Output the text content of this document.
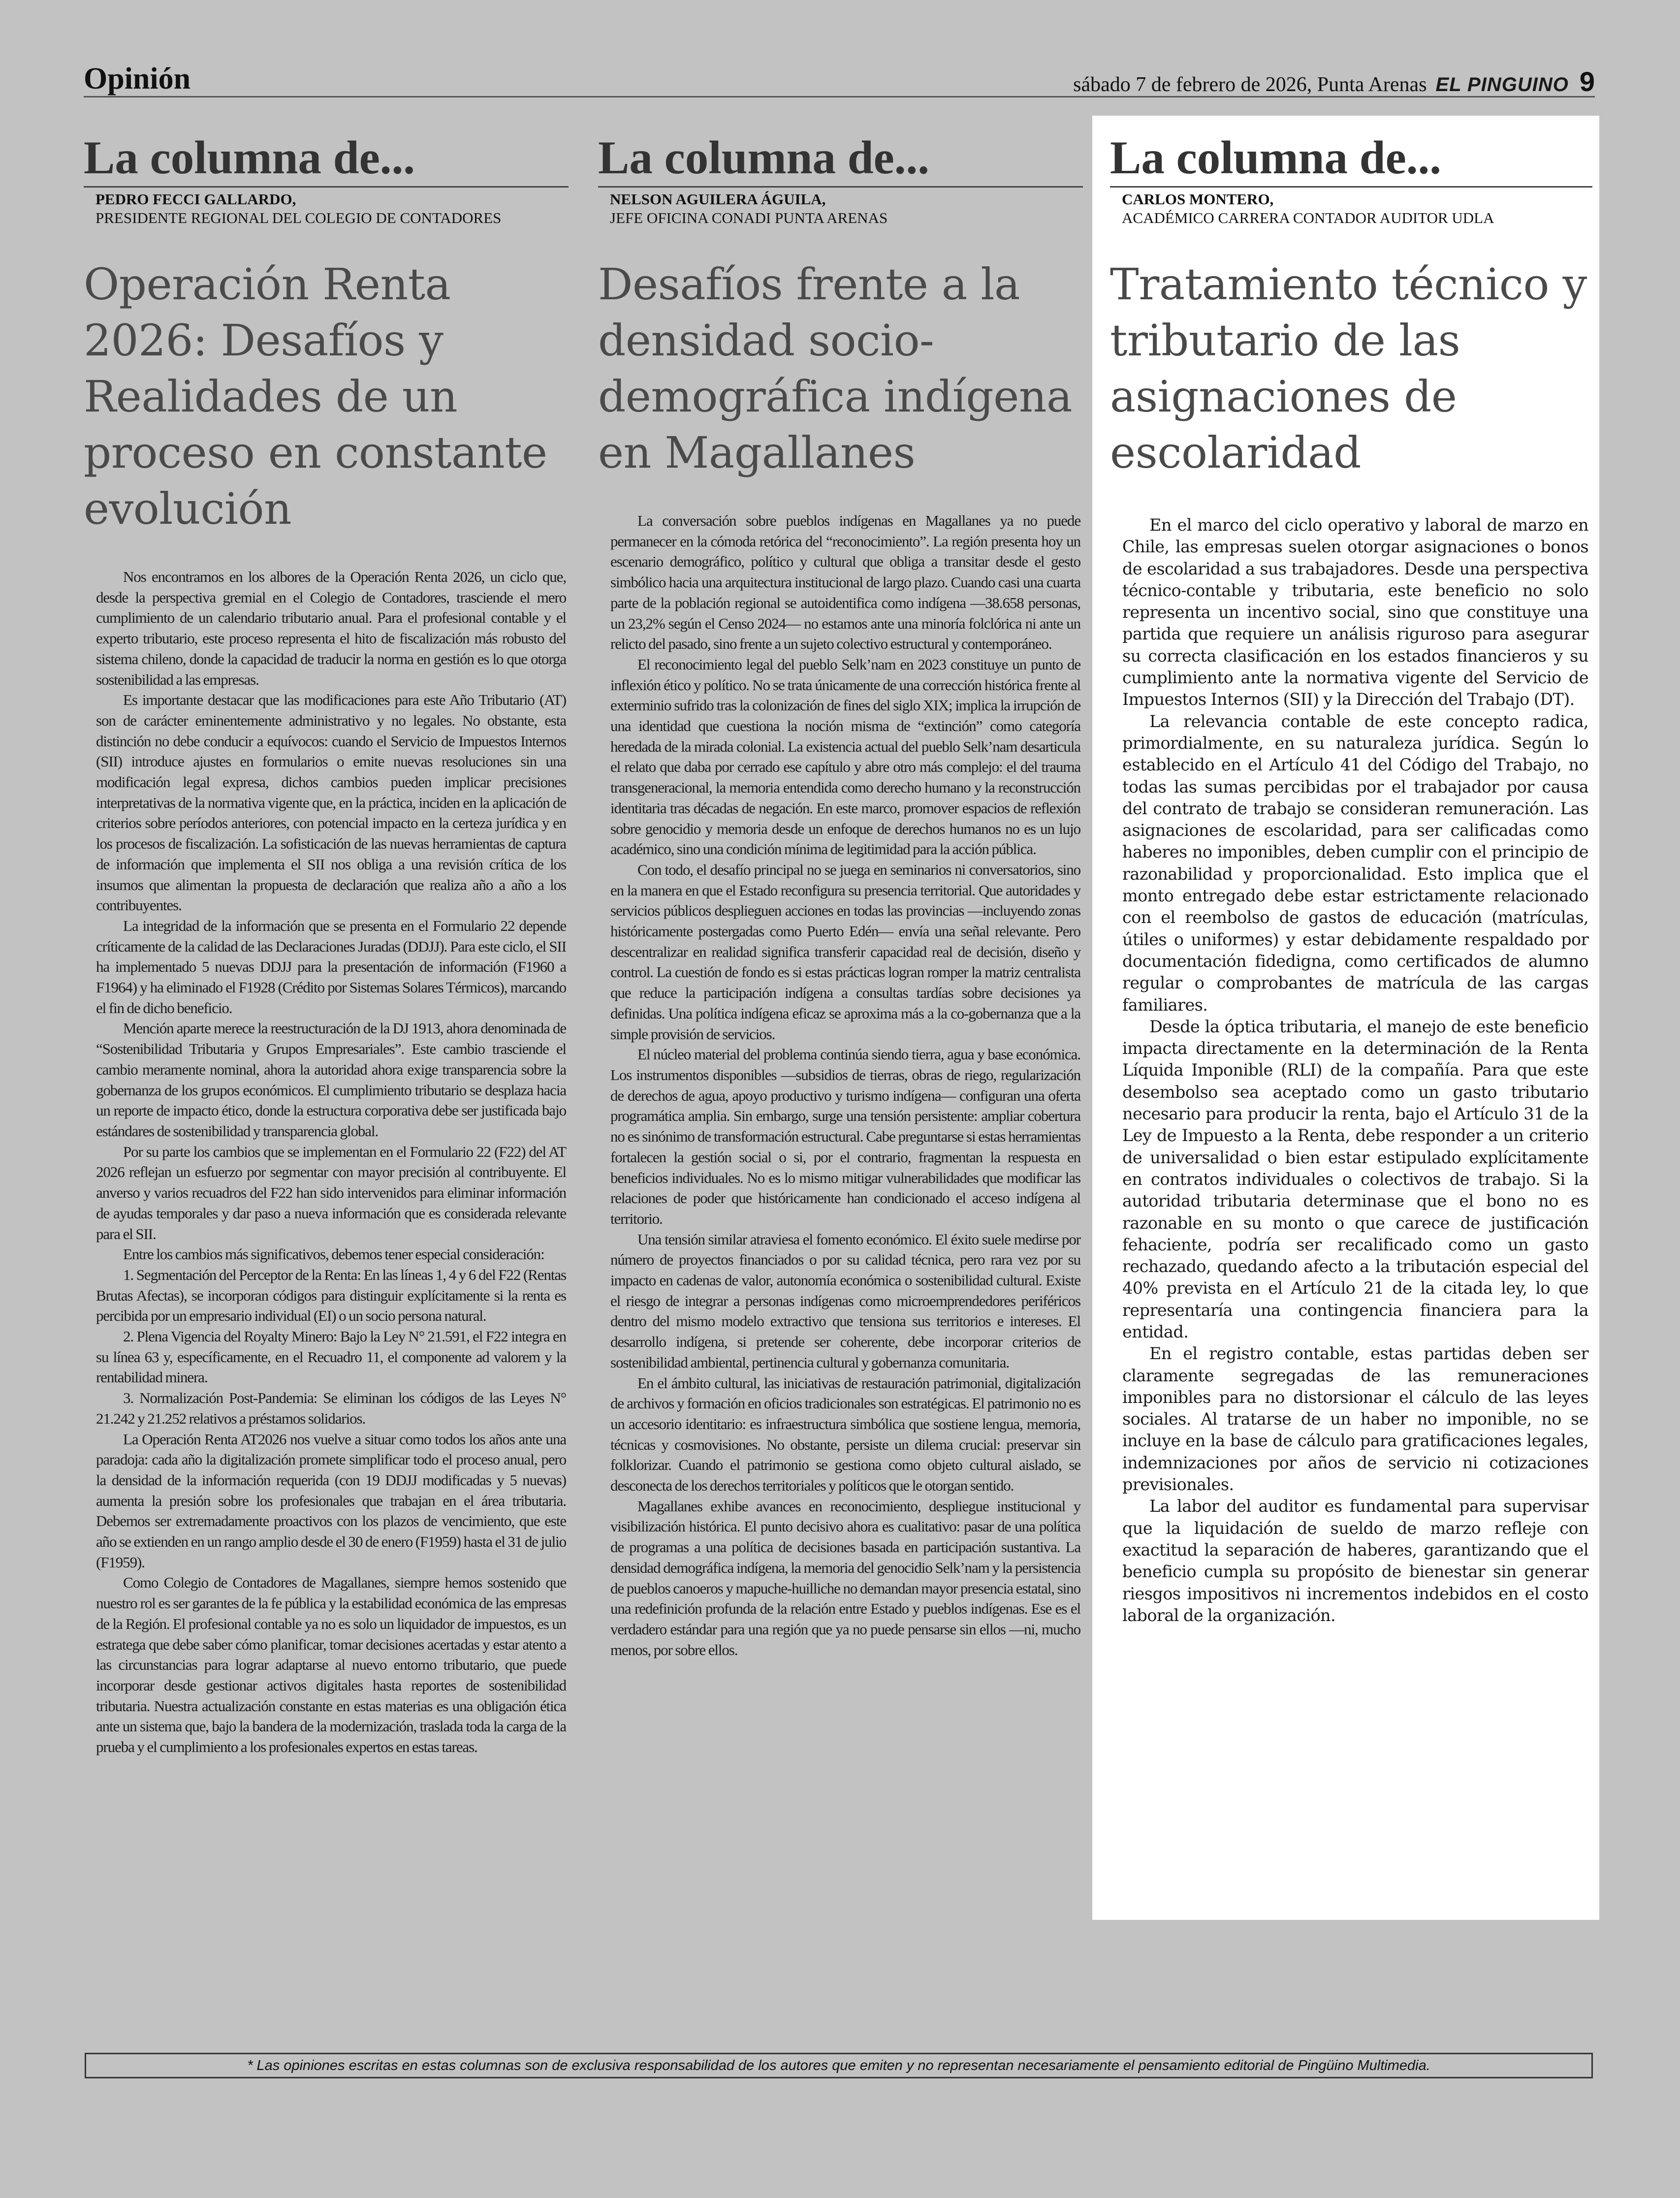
Opinión	sábado 7 de febrero de 2026, Punta Arenas EL PINGUINO 9
La columna de...
PEDRO FECCI GALLARDO,
PRESIDENTE REGIONAL DEL COLEGIO DE CONTADORES
Operación Renta 2026: Desafíos y Realidades de un proceso en constante evolución

Nos encontramos en los albores de la Operación Renta 2026, un ciclo que, desde la perspectiva gremial en el Colegio de Contadores, trasciende el mero cumplimiento de un calendario tributario anual. Para el profesional contable y el experto tributario, este proceso representa el hito de fiscalización más robusto del sistema chileno, donde la capacidad de traducir la norma en gestión es lo que otorga sostenibilidad a las empresas.

Es importante destacar que las modificaciones para este Año Tributario (AT) son de carácter eminentemente administrativo y no legales. No obstante, esta distinción no debe conducir a equívocos: cuando el Servicio de Impuestos Internos (SII) introduce ajustes en formularios o emite nuevas resoluciones sin una modificación legal expresa, dichos cambios pueden implicar precisiones interpretativas de la normativa vigente que, en la práctica, inciden en la aplicación de criterios sobre períodos anteriores, con potencial impacto en la certeza jurídica y en los procesos de fiscalización. La sofisticación de las nuevas herramientas de captura de información que implementa el SII nos obliga a una revisión crítica de los insumos que alimentan la propuesta de declaración que realiza año a año a los contribuyentes.

La integridad de la información que se presenta en el Formulario 22 depende críticamente de la calidad de las Declaraciones Juradas (DDJJ). Para este ciclo, el SII ha implementado 5 nuevas DDJJ para la presentación de información (F1960 a F1964) y ha eliminado el F1928 (Crédito por Sistemas Solares Térmicos), marcando el fin de dicho beneficio.

Mención aparte merece la reestructuración de la DJ 1913, ahora denominada de “Sostenibilidad Tributaria y Grupos Empresariales”. Este cambio trasciende el cambio meramente nominal, ahora la autoridad ahora exige transparencia sobre la gobernanza de los grupos económicos. El cumplimiento tributario se desplaza hacia un reporte de impacto ético, donde la estructura corporativa debe ser justificada bajo estándares de sostenibilidad y transparencia global.

Por su parte los cambios que se implementan en el Formulario 22 (F22) del AT 2026 reflejan un esfuerzo por segmentar con mayor precisión al contribuyente. El anverso y varios recuadros del F22 han sido intervenidos para eliminar información de ayudas temporales y dar paso a nueva información que es considerada relevante para el SII.

Entre los cambios más significativos, debemos tener especial consideración:

1. Segmentación del Perceptor de la Renta: En las líneas 1, 4 y 6 del F22 (Rentas Brutas Afectas), se incorporan códigos para distinguir explícitamente si la renta es percibida por un empresario individual (EI) o un socio persona natural.

2. Plena Vigencia del Royalty Minero: Bajo la Ley N° 21.591, el F22 integra en su línea 63 y, específicamente, en el Recuadro 11, el componente ad valorem y la rentabilidad minera.

3. Normalización Post-Pandemia: Se eliminan los códigos de las Leyes N° 21.242 y 21.252 relativos a préstamos solidarios.

La Operación Renta AT2026 nos vuelve a situar como todos los años ante una paradoja: cada año la digitalización promete simplificar todo el proceso anual, pero la densidad de la información requerida (con 19 DDJJ modificadas y 5 nuevas) aumenta la presión sobre los profesionales que trabajan en el área tributaria. Debemos ser extremadamente proactivos con los plazos de vencimiento, que este año se extienden en un rango amplio desde el 30 de enero (F1959) hasta el 31 de julio (F1959).

Como Colegio de Contadores de Magallanes, siempre hemos sostenido que nuestro rol es ser garantes de la fe pública y la estabilidad económica de las empresas de la Región. El profesional contable ya no es solo un liquidador de impuestos, es un estratega que debe saber cómo planificar, tomar decisiones acertadas y estar atento a las circunstancias para lograr adaptarse al nuevo entorno tributario, que puede incorporar desde gestionar activos digitales hasta reportes de sostenibilidad tributaria. Nuestra actualización constante en estas materias es una obligación ética ante un sistema que, bajo la bandera de la modernización, traslada toda la carga de la prueba y el cumplimiento a los profesionales expertos en estas tareas.

La columna de...
NELSON AGUILERA ÁGUILA,
JEFE OFICINA CONADI PUNTA ARENAS
Desafíos frente a la densidad socio-demográfica indígena en Magallanes

La conversación sobre pueblos indígenas en Magallanes ya no puede permanecer en la cómoda retórica del “reconocimiento”. La región presenta hoy un escenario demográfico, político y cultural que obliga a transitar desde el gesto simbólico hacia una arquitectura institucional de largo plazo. Cuando casi una cuarta parte de la población regional se autoidentifica como indígena —38.658 personas, un 23,2% según el Censo 2024— no estamos ante una minoría folclórica ni ante un relicto del pasado, sino frente a un sujeto colectivo estructural y contemporáneo.

El reconocimiento legal del pueblo Selk’nam en 2023 constituye un punto de inflexión ético y político. No se trata únicamente de una corrección histórica frente al exterminio sufrido tras la colonización de fines del siglo XIX; implica la irrupción de una identidad que cuestiona la noción misma de “extinción” como categoría heredada de la mirada colonial. La existencia actual del pueblo Selk’nam desarticula el relato que daba por cerrado ese capítulo y abre otro más complejo: el del trauma transgeneracional, la memoria entendida como derecho humano y la reconstrucción identitaria tras décadas de negación. En este marco, promover espacios de reflexión sobre genocidio y memoria desde un enfoque de derechos humanos no es un lujo académico, sino una condición mínima de legitimidad para la acción pública.

Con todo, el desafío principal no se juega en seminarios ni conversatorios, sino en la manera en que el Estado reconfigura su presencia territorial. Que autoridades y servicios públicos desplieguen acciones en todas las provincias —incluyendo zonas históricamente postergadas como Puerto Edén— envía una señal relevante. Pero descentralizar en realidad significa transferir capacidad real de decisión, diseño y control. La cuestión de fondo es si estas prácticas logran romper la matriz centralista que reduce la participación indígena a consultas tardías sobre decisiones ya definidas. Una política indígena eficaz se aproxima más a la co-gobernanza que a la simple provisión de servicios.

El núcleo material del problema continúa siendo tierra, agua y base económica. Los instrumentos disponibles —subsidios de tierras, obras de riego, regularización de derechos de agua, apoyo productivo y turismo indígena— configuran una oferta programática amplia. Sin embargo, surge una tensión persistente: ampliar cobertura no es sinónimo de transformación estructural. Cabe preguntarse si estas herramientas fortalecen la gestión social o si, por el contrario, fragmentan la respuesta en beneficios individuales. No es lo mismo mitigar vulnerabilidades que modificar las relaciones de poder que históricamente han condicionado el acceso indígena al territorio.

Una tensión similar atraviesa el fomento económico. El éxito suele medirse por número de proyectos financiados o por su calidad técnica, pero rara vez por su impacto en cadenas de valor, autonomía económica o sostenibilidad cultural. Existe el riesgo de integrar a personas indígenas como microemprendedores periféricos dentro del mismo modelo extractivo que tensiona sus territorios e intereses. El desarrollo indígena, si pretende ser coherente, debe incorporar criterios de sostenibilidad ambiental, pertinencia cultural y gobernanza comunitaria.

En el ámbito cultural, las iniciativas de restauración patrimonial, digitalización de archivos y formación en oficios tradicionales son estratégicas. El patrimonio no es un accesorio identitario: es infraestructura simbólica que sostiene lengua, memoria, técnicas y cosmovisiones. No obstante, persiste un dilema crucial: preservar sin folklorizar. Cuando el patrimonio se gestiona como objeto cultural aislado, se desconecta de los derechos territoriales y políticos que le otorgan sentido.

Magallanes exhibe avances en reconocimiento, despliegue institucional y visibilización histórica. El punto decisivo ahora es cualitativo: pasar de una política de programas a una política de decisiones basada en participación sustantiva. La densidad demográfica indígena, la memoria del genocidio Selk’nam y la persistencia de pueblos canoeros y mapuche-huilliche no demandan mayor presencia estatal, sino una redefinición profunda de la relación entre Estado y pueblos indígenas. Ese es el verdadero estándar para una región que ya no puede pensarse sin ellos —ni, mucho menos, por sobre ellos.

La columna de...
CARLOS MONTERO,
ACADÉMICO CARRERA CONTADOR AUDITOR UDLA
Tratamiento técnico y tributario de las asignaciones de escolaridad

En el marco del ciclo operativo y laboral de marzo en Chile, las empresas suelen otorgar asignaciones o bonos de escolaridad a sus trabajadores. Desde una perspectiva técnico-contable y tributaria, este beneficio no solo representa un incentivo social, sino que constituye una partida que requiere un análisis riguroso para asegurar su correcta clasificación en los estados financieros y su cumplimiento ante la normativa vigente del Servicio de Impuestos Internos (SII) y la Dirección del Trabajo (DT).

La relevancia contable de este concepto radica, primordialmente, en su naturaleza jurídica. Según lo establecido en el Artículo 41 del Código del Trabajo, no todas las sumas percibidas por el trabajador por causa del contrato de trabajo se consideran remuneración. Las asignaciones de escolaridad, para ser calificadas como haberes no imponibles, deben cumplir con el principio de razonabilidad y proporcionalidad. Esto implica que el monto entregado debe estar estrictamente relacionado con el reembolso de gastos de educación (matrículas, útiles o uniformes) y estar debidamente respaldado por documentación fidedigna, como certificados de alumno regular o comprobantes de matrícula de las cargas familiares.

Desde la óptica tributaria, el manejo de este beneficio impacta directamente en la determinación de la Renta Líquida Imponible (RLI) de la compañía. Para que este desembolso sea aceptado como un gasto tributario necesario para producir la renta, bajo el Artículo 31 de la Ley de Impuesto a la Renta, debe responder a un criterio de universalidad o bien estar estipulado explícitamente en contratos individuales o colectivos de trabajo. Si la autoridad tributaria determinase que el bono no es razonable en su monto o que carece de justificación fehaciente, podría ser recalificado como un gasto rechazado, quedando afecto a la tributación especial del 40% prevista en el Artículo 21 de la citada ley, lo que representaría una contingencia financiera para la entidad.

En el registro contable, estas partidas deben ser claramente segregadas de las remuneraciones imponibles para no distorsionar el cálculo de las leyes sociales. Al tratarse de un haber no imponible, no se incluye en la base de cálculo para gratificaciones legales, indemnizaciones por años de servicio ni cotizaciones previsionales.

La labor del auditor es fundamental para supervisar que la liquidación de sueldo de marzo refleje con exactitud la separación de haberes, garantizando que el beneficio cumpla su propósito de bienestar sin generar riesgos impositivos ni incrementos indebidos en el costo laboral de la organización.

* Las opiniones escritas en estas columnas son de exclusiva responsabilidad de los autores que emiten y no representan necesariamente el pensamiento editorial de Pingüino Multimedia.
